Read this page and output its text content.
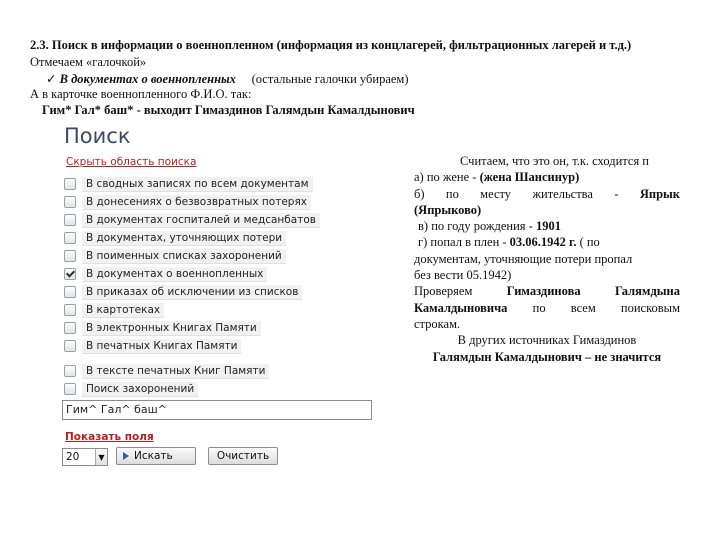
2.3. Поиск в информации о военнопленном (информация из концлагерей, фильтрационных лагерей и т.д.)
Отмечаем «галочкой»
✓ В документах о военнопленных (остальные галочки убираем)
А в карточке военнопленного Ф.И.О. так:
Гим* Гал* баш* - выходит Гимаздинов Галямдын Камалдынович
Поиск
Скрыть область поиска
В сводных записях по всем документам
В донесениях о безвозвратных потерях
В документах госпиталей и медсанбатов
В документах, уточняющих потери
В поименных списках захоронений
В документах о военнопленных
В приказах об исключении из списков
В картотеках
В электронных Книгах Памяти
В печатных Книгах Памяти
В тексте печатных Книг Памяти
Поиск захоронений
Гим^ Гал^ баш^
Показать поля
20	▼	Искать	Очистить

Считаем, что это он, т.к. сходится п

а) по жене - (жена Шансинур)

б) по месту жительства - Япрык

(Япрыково)

в) по году рождения - 1901

г) попал в плен - 03.06.1942 г. ( по

документам, уточняющие потери пропал

без вести 05.1942)

Проверяем	Гимаздинова Галямдына

Камалдыновича по всем поисковым

строкам.

В других источниках Гимаздинов

Галямдын Камалдынович – не значится
